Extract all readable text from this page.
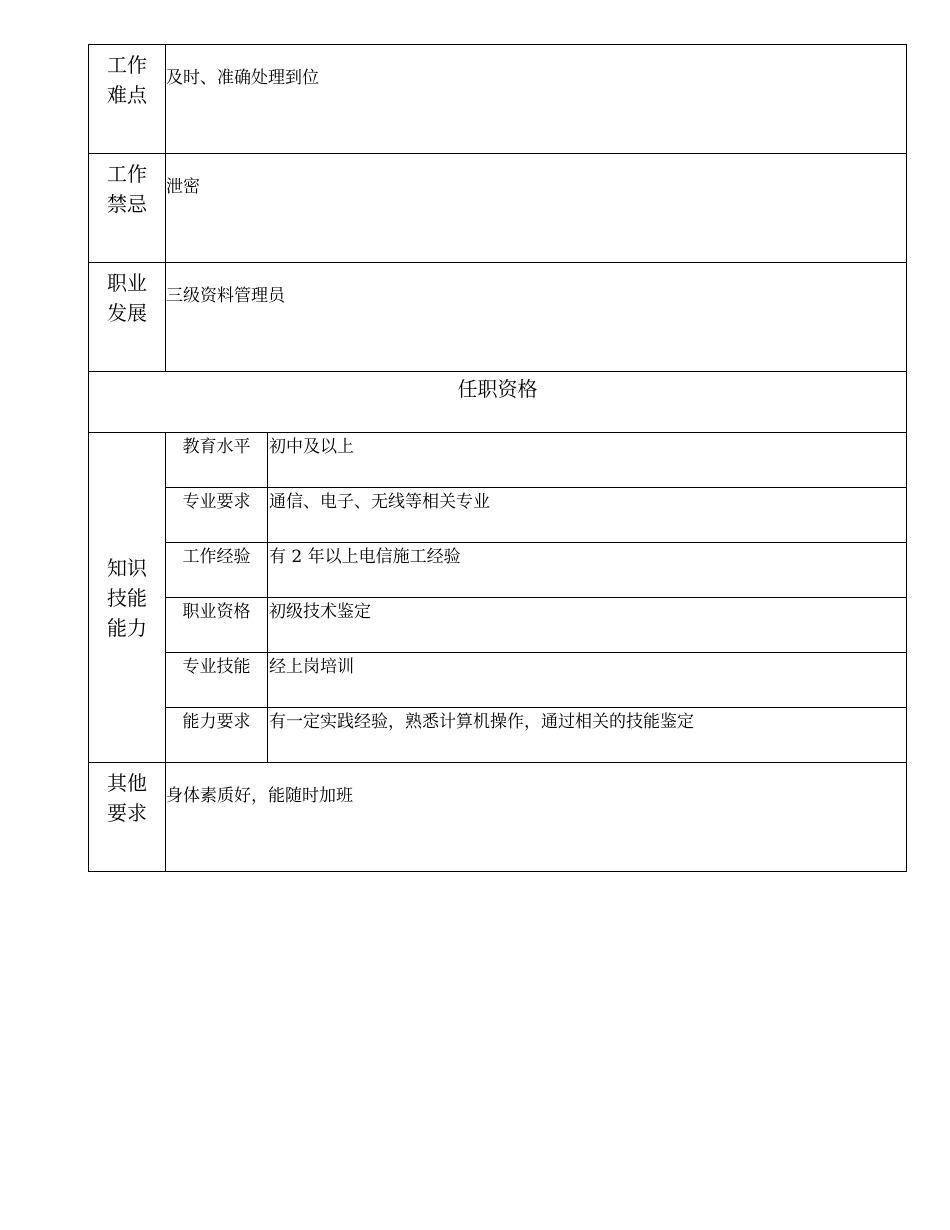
工作
难点	及时、准确处理到位	

工作
禁忌	泄密	

职业
发展	三级资料管理员	
任职资格		

知识
技能
能力	教育水平	初中及以上
	专业要求	通信、电子、无线等相关专业
	工作经验	有 2 年以上电信施工经验
	职业资格	初级技术鉴定
	专业技能	经上岗培训
	能力要求	有一定实践经验，熟悉计算机操作，通过相关的技能鉴定

其他
要求	身体素质好，能随时加班	
